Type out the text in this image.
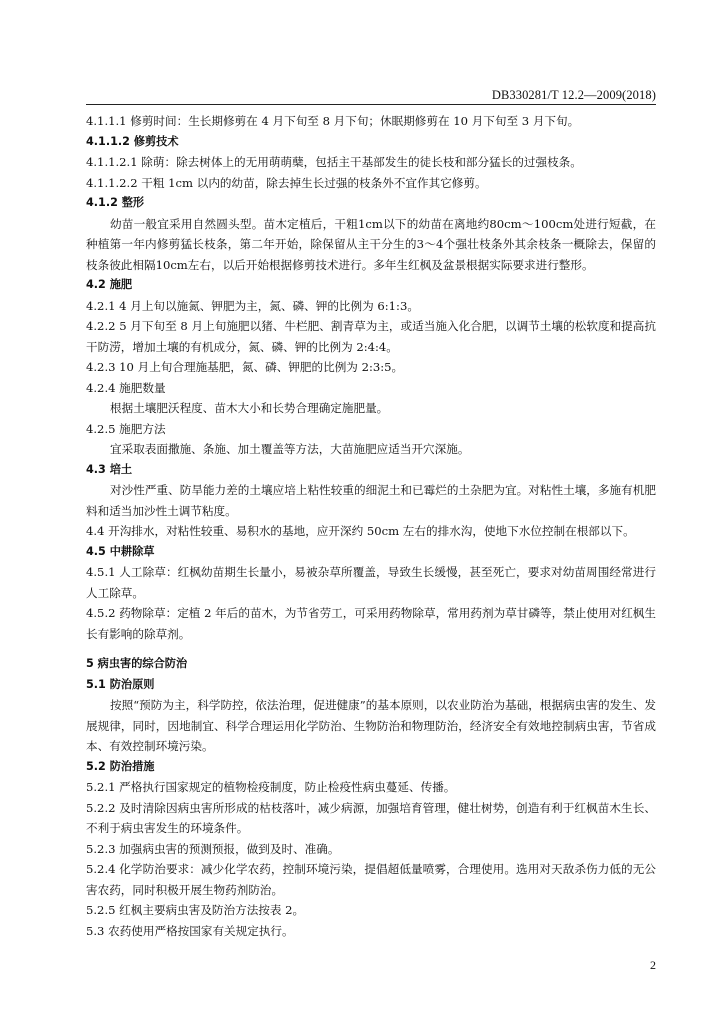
DB330281/T 12.2—2009(2018)

4.1.1.1 修剪时间：生长期修剪在 4 月下旬至 8 月下旬；休眠期修剪在 10 月下旬至 3 月下旬。

4.1.1.2 修剪技术

4.1.1.2.1 除萌：除去树体上的无用萌萌蘖，包括主干基部发生的徒长枝和部分猛长的过强枝条。

4.1.1.2.2 干粗 1cm 以内的幼苗，除去掉生长过强的枝条外不宜作其它修剪。

4.1.2 整形

幼苗一般宜采用自然圆头型。苗木定植后，干粗1cm以下的幼苗在离地约80cm～100cm处进行短截，在种植第一年内修剪猛长枝条，第二年开始，除保留从主干分生的3～4个强壮枝条外其余枝条一概除去，保留的枝条彼此相隔10cm左右，以后开始根据修剪技术进行。多年生红枫及盆景根据实际要求进行整形。

4.2 施肥

4.2.1 4 月上旬以施氮、钾肥为主，氮、磷、钾的比例为 6:1:3。

4.2.2 5 月下旬至 8 月上旬施肥以猪、牛栏肥、割青草为主，或适当施入化合肥，以调节土壤的松软度和提高抗干防涝，增加土壤的有机成分，氮、磷、钾的比例为 2:4:4。

4.2.3 10 月上旬合理施基肥，氮、磷、钾肥的比例为 2:3:5。

4.2.4 施肥数量

根据土壤肥沃程度、苗木大小和长势合理确定施肥量。

4.2.5 施肥方法

宜采取表面撒施、条施、加土覆盖等方法，大苗施肥应适当开穴深施。

4.3 培土

对沙性严重、防旱能力差的土壤应培上粘性较重的细泥土和已霉烂的土杂肥为宜。对粘性土壤，多施有机肥料和适当加沙性土调节粘度。

4.4 开沟排水，对粘性较重、易积水的基地，应开深约 50cm 左右的排水沟，使地下水位控制在根部以下。

4.5 中耕除草

4.5.1 人工除草：红枫幼苗期生长量小，易被杂草所覆盖，导致生长缓慢，甚至死亡，要求对幼苗周围经常进行人工除草。

4.5.2 药物除草：定植 2 年后的苗木，为节省劳工，可采用药物除草，常用药剂为草甘磷等，禁止使用对红枫生长有影响的除草剂。

5 病虫害的综合防治

5.1 防治原则

按照“预防为主，科学防控，依法治理，促进健康”的基本原则，以农业防治为基础，根据病虫害的发生、发展规律，同时，因地制宜、科学合理运用化学防治、生物防治和物理防治，经济安全有效地控制病虫害，节省成本、有效控制环境污染。

5.2 防治措施

5.2.1 严格执行国家规定的植物检疫制度，防止检疫性病虫蔓延、传播。

5.2.2 及时清除因病虫害所形成的枯枝落叶，减少病源，加强培育管理，健壮树势，创造有利于红枫苗木生长、不利于病虫害发生的环境条件。

5.2.3 加强病虫害的预测预报，做到及时、准确。

5.2.4 化学防治要求：减少化学农药，控制环境污染，提倡超低量喷雾，合理使用。选用对天敌杀伤力低的无公害农药，同时积极开展生物药剂防治。

5.2.5 红枫主要病虫害及防治方法按表 2。

5.3 农药使用严格按国家有关规定执行。

2
